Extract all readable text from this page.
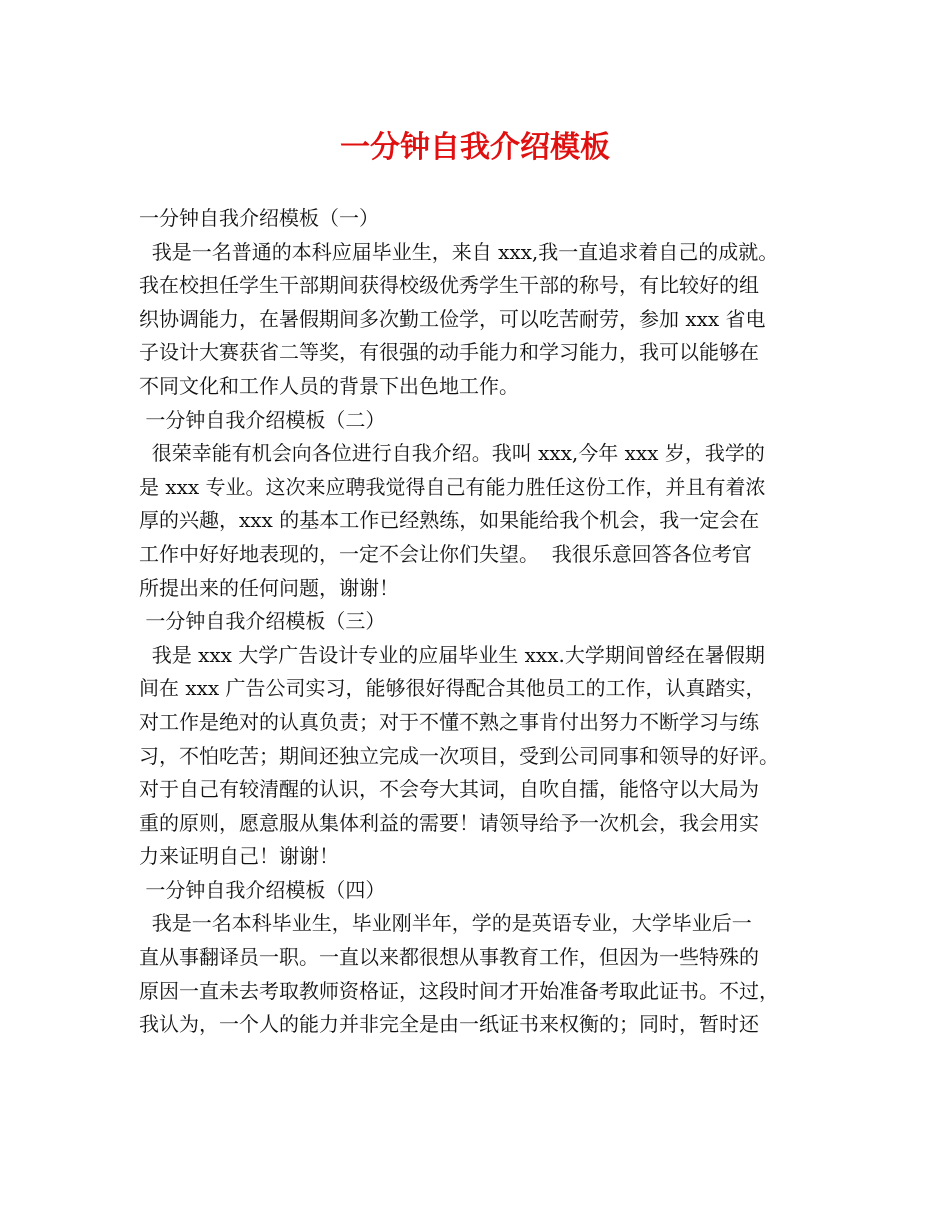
一分钟自我介绍模板
一分钟自我介绍模板（一）
我是一名普通的本科应届毕业生，来自 xxx,我一直追求着自己的成就。
我在校担任学生干部期间获得校级优秀学生干部的称号，有比较好的组
织协调能力，在暑假期间多次勤工俭学，可以吃苦耐劳，参加 xxx 省电
子设计大赛获省二等奖，有很强的动手能力和学习能力，我可以能够在
不同文化和工作人员的背景下出色地工作。
一分钟自我介绍模板（二）
很荣幸能有机会向各位进行自我介绍。我叫 xxx,今年 xxx 岁，我学的
是 xxx 专业。这次来应聘我觉得自己有能力胜任这份工作，并且有着浓
厚的兴趣，xxx 的基本工作已经熟练，如果能给我个机会，我一定会在
工作中好好地表现的，一定不会让你们失望。  我很乐意回答各位考官
所提出来的任何问题，谢谢！
一分钟自我介绍模板（三）
我是 xxx 大学广告设计专业的应届毕业生 xxx.大学期间曾经在暑假期
间在 xxx 广告公司实习，能够很好得配合其他员工的工作，认真踏实，
对工作是绝对的认真负责；对于不懂不熟之事肯付出努力不断学习与练
习，不怕吃苦；期间还独立完成一次项目，受到公司同事和领导的好评。
对于自己有较清醒的认识，不会夸大其词，自吹自擂，能恪守以大局为
重的原则，愿意服从集体利益的需要！请领导给予一次机会，我会用实
力来证明自己！谢谢！
一分钟自我介绍模板（四）
我是一名本科毕业生，毕业刚半年，学的是英语专业，大学毕业后一
直从事翻译员一职。一直以来都很想从事教育工作，但因为一些特殊的
原因一直未去考取教师资格证，这段时间才开始准备考取此证书。不过，
我认为，一个人的能力并非完全是由一纸证书来权衡的；同时，暂时还
